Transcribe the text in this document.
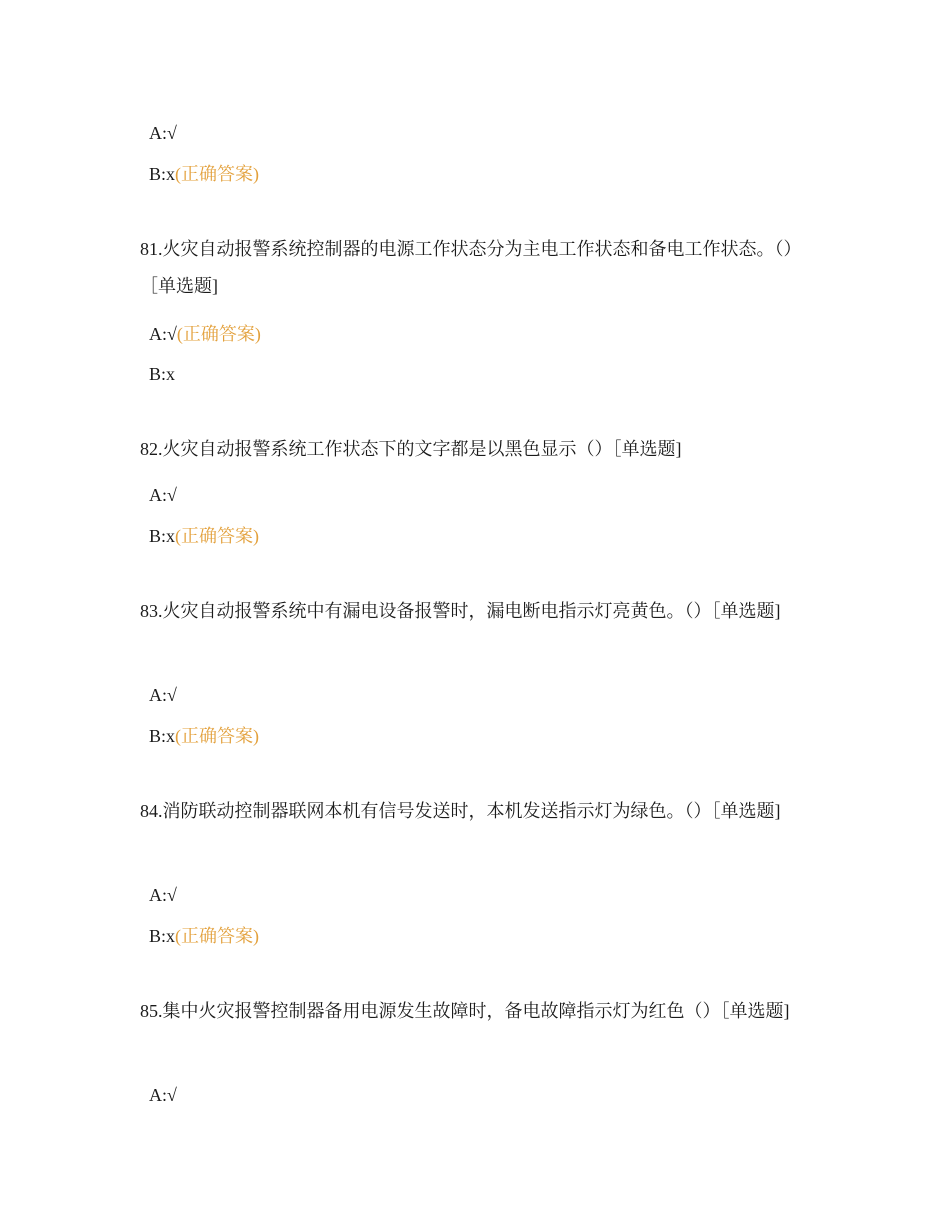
A:√
B:x(正确答案)
81.火灾自动报警系统控制器的电源工作状态分为主电工作状态和备电工作状态。（）［单选题]
A:√(正确答案)
B:x
82.火灾自动报警系统工作状态下的文字都是以黑色显示（）［单选题]
A:√
B:x(正确答案)
83.火灾自动报警系统中有漏电设备报警时，漏电断电指示灯亮黄色。（）［单选题]
A:√
B:x(正确答案)
84.消防联动控制器联网本机有信号发送时，本机发送指示灯为绿色。（）［单选题]
A:√
B:x(正确答案)
85.集中火灾报警控制器备用电源发生故障时，备电故障指示灯为红色（）［单选题]
A:√
